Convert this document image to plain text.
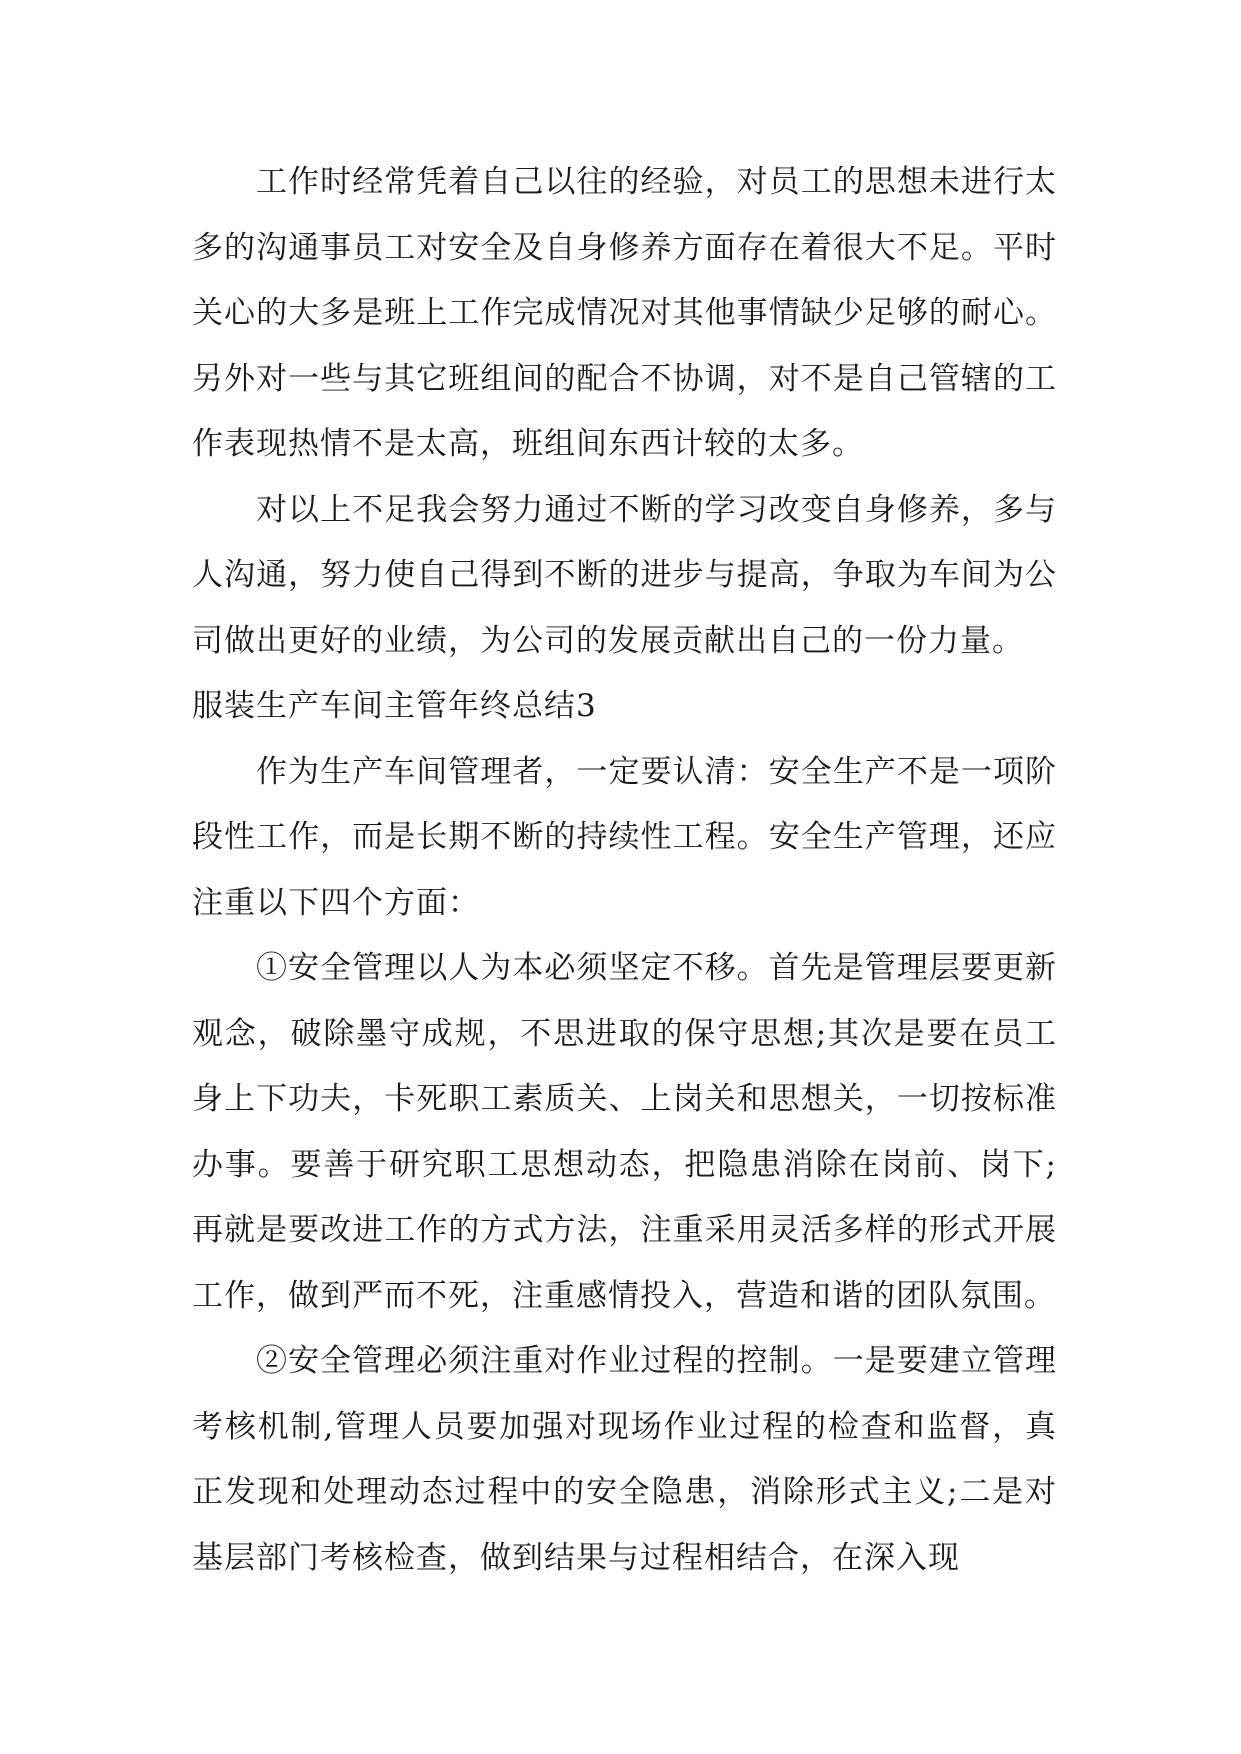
工作时经常凭着自己以往的经验，对员工的思想未进行太多的沟通事员工对安全及自身修养方面存在着很大不足。平时关心的大多是班上工作完成情况对其他事情缺少足够的耐心。另外对一些与其它班组间的配合不协调，对不是自己管辖的工作表现热情不是太高，班组间东西计较的太多。

对以上不足我会努力通过不断的学习改变自身修养，多与人沟通，努力使自己得到不断的进步与提高，争取为车间为公司做出更好的业绩，为公司的发展贡献出自己的一份力量。

服装生产车间主管年终总结3

作为生产车间管理者，一定要认清：安全生产不是一项阶段性工作，而是长期不断的持续性工程。安全生产管理，还应注重以下四个方面：

①安全管理以人为本必须坚定不移。首先是管理层要更新观念，破除墨守成规，不思进取的保守思想;其次是要在员工身上下功夫，卡死职工素质关、上岗关和思想关，一切按标准办事。要善于研究职工思想动态，把隐患消除在岗前、岗下;再就是要改进工作的方式方法，注重采用灵活多样的形式开展工作，做到严而不死，注重感情投入，营造和谐的团队氛围。

②安全管理必须注重对作业过程的控制。一是要建立管理考核机制,管理人员要加强对现场作业过程的检查和监督，真正发现和处理动态过程中的安全隐患，消除形式主义;二是对基层部门考核检查，做到结果与过程相结合，在深入现
